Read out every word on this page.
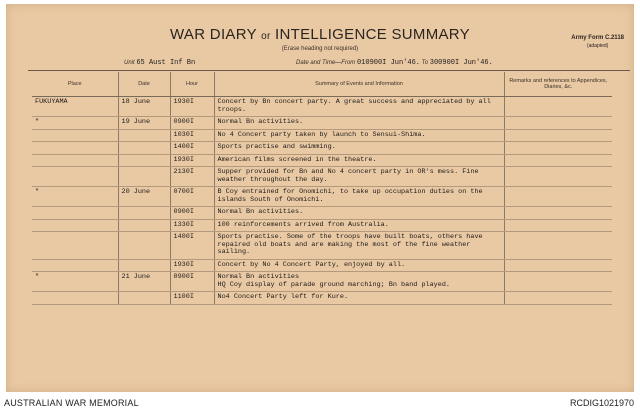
WAR DIARY or INTELLIGENCE SUMMARY
(Erase heading not required)
Army Form C.2118
(adapted)
Unit 65 Aust Inf Bn	Date and Time—From 010900I Jun'46. To 300900I Jun'46.
Place	Date	Hour	Summary of Events and Information	Remarks and references to Appendices, Diaries, &c.
FUKUYAMA	18 June	1930I	Concert by Bn concert party. A great success and appreciated by all troops.	
"	19 June	0900I	Normal Bn activities.	
		1030I	No 4 Concert party taken by launch to Sensui-Shima.	
		1400I	Sports practise and swimming.	
		1930I	American films screened in the theatre.	
		2130I	Supper provided for Bn and No 4 concert party in OR's mess. Fine weather throughout the day.	
"	20 June	0700I	B Coy entrained for Onomichi, to take up occupation duties on the islands South of Onomichi.	
		0900I	Normal Bn activities.	
		1330I	100 reinforcements arrived from Australia.	
		1400I	Sports practise. Some of the troops have built boats, others have repaired old boats and are making the most of the fine weather sailing.	
		1930I	Concert by No 4 Concert Party, enjoyed by all.	
"	21 June	0900I	Normal Bn activities
HQ Coy display of parade ground marching; Bn band played.	
		1100I	No4 Concert Party left for Kure.	
AUSTRALIAN WAR MEMORIAL	RCDIG1021970
